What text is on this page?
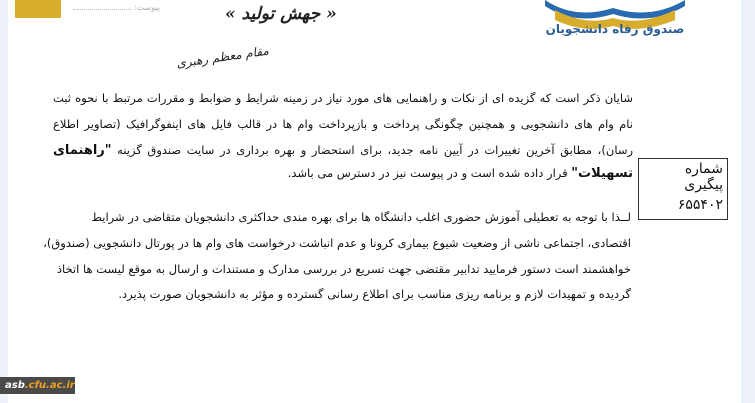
پیوست:	« جهش تولید »
مقام معظم رهبری
صندوق رفاه دانشجویان
شایان ذکر است که گزیده ای از نکات و راهنمایی های مورد نیاز در زمینه شرایط و ضوابط و مقررات مرتبط با نحوه ثبت
نام وام های دانشجویی و همچنین چگونگی پرداخت و بازپرداخت وام ها در قالب فایل های اینفوگرافیک (تصاویر اطلاع
رسان)، مطابق آخرین تغییرات در آیین نامه جدید، برای استحضار و بهره برداری در سایت صندوق گزینه "راهنمای
تسهیلات" قرار داده شده است و در پیوست نیز در دسترس می باشد.	شماره پیگیری
۶۵۵۴۰۲
لــذا با توجه به تعطیلی آموزش حضوری اغلب دانشگاه ها برای بهره مندی حداکثری دانشجویان متقاضی در شرایط
اقتصادی، اجتماعی ناشی از وضعیت شیوع بیماری کرونا و عدم انباشت درخواست های وام ها در پورتال دانشجویی (صندوق)،
خواهشمند است دستور فرمایید تدابیر مقتضی جهت تسریع در بررسی مدارک و مستندات و ارسال به موقع لیست ها اتخاذ
گردیده و تمهیدات لازم و برنامه ریزی مناسب برای اطلاع رسانی گسترده و مؤثر به دانشجویان صورت پذیرد.
asb.cfu.ac.ir
